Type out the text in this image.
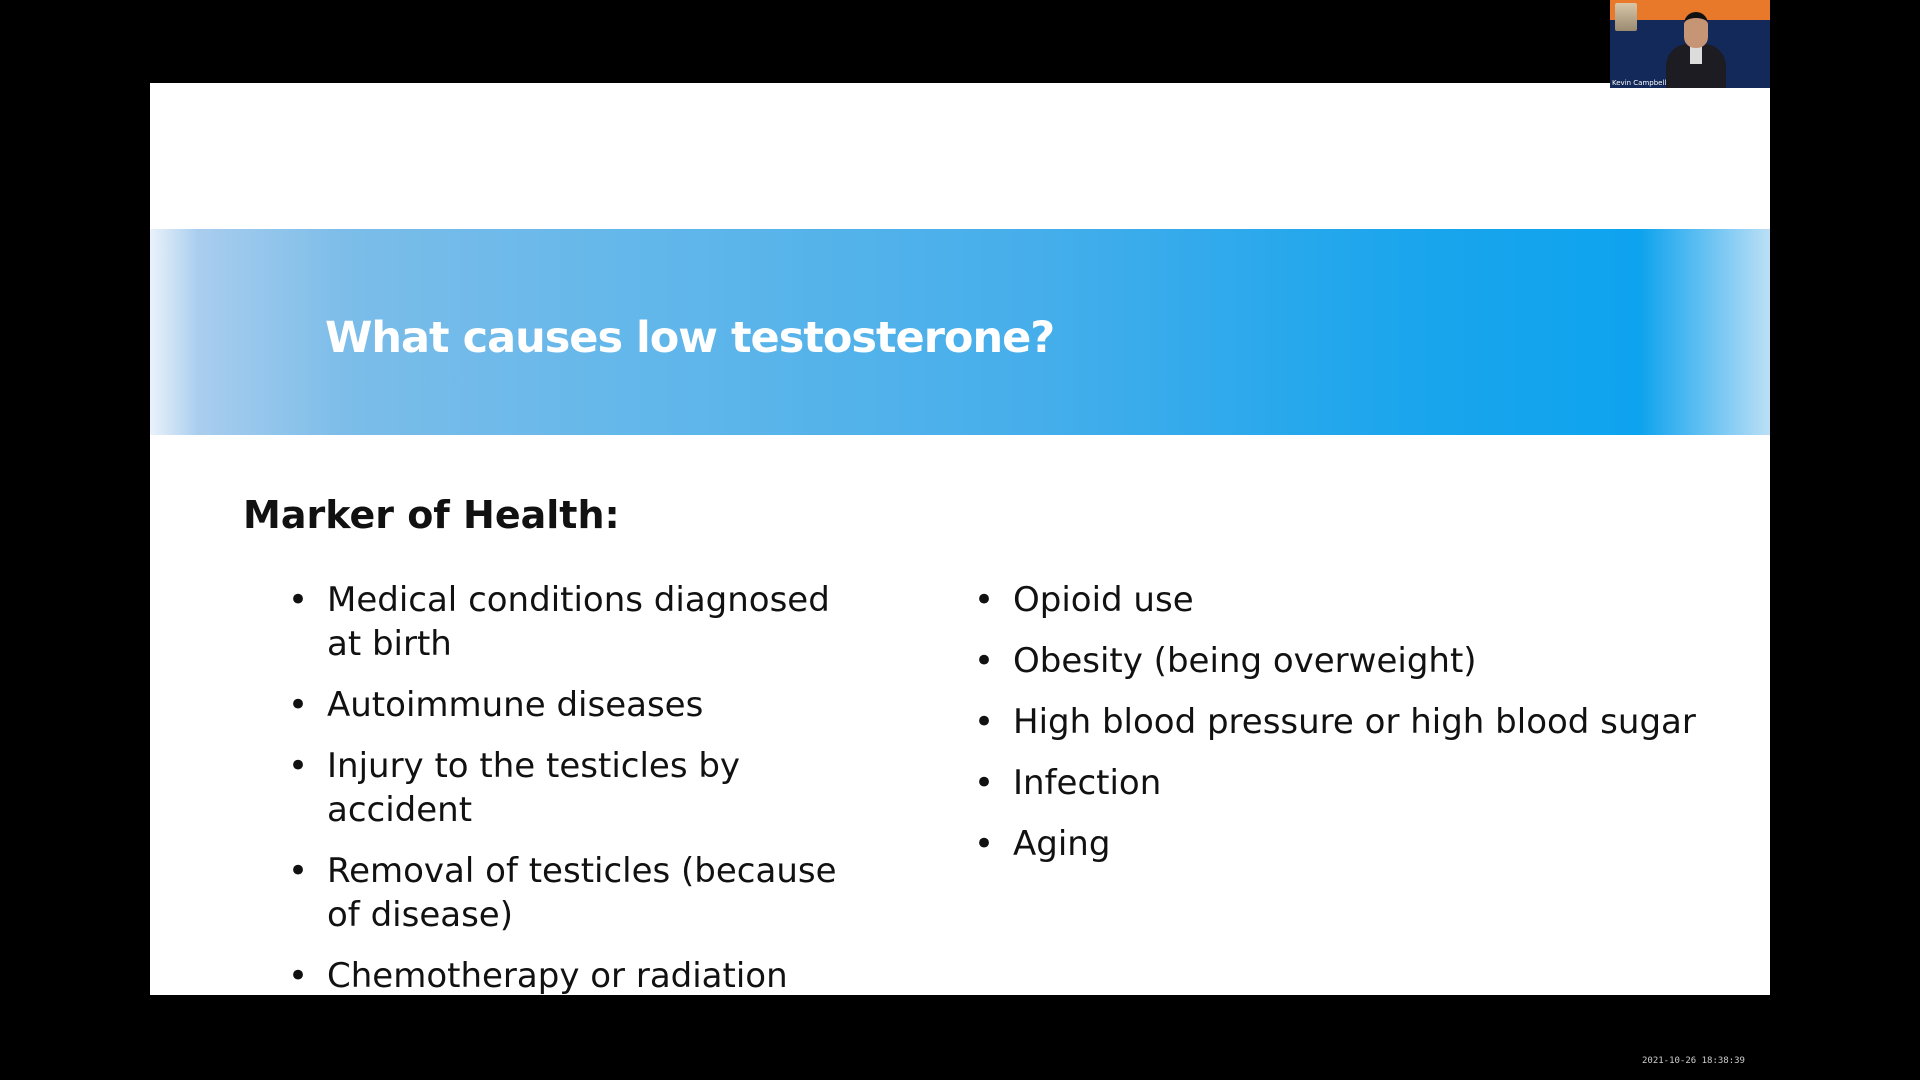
What causes low testosterone?
Marker of Health:
• Medical conditions diagnosed at birth
• Autoimmune diseases
• Injury to the testicles by accident
• Removal of testicles (because of disease)
• Chemotherapy or radiation
• Opioid use
• Obesity (being overweight)
• High blood pressure or high blood sugar
• Infection
• Aging
Kevin Campbell
2021-10-26 18:38:39
